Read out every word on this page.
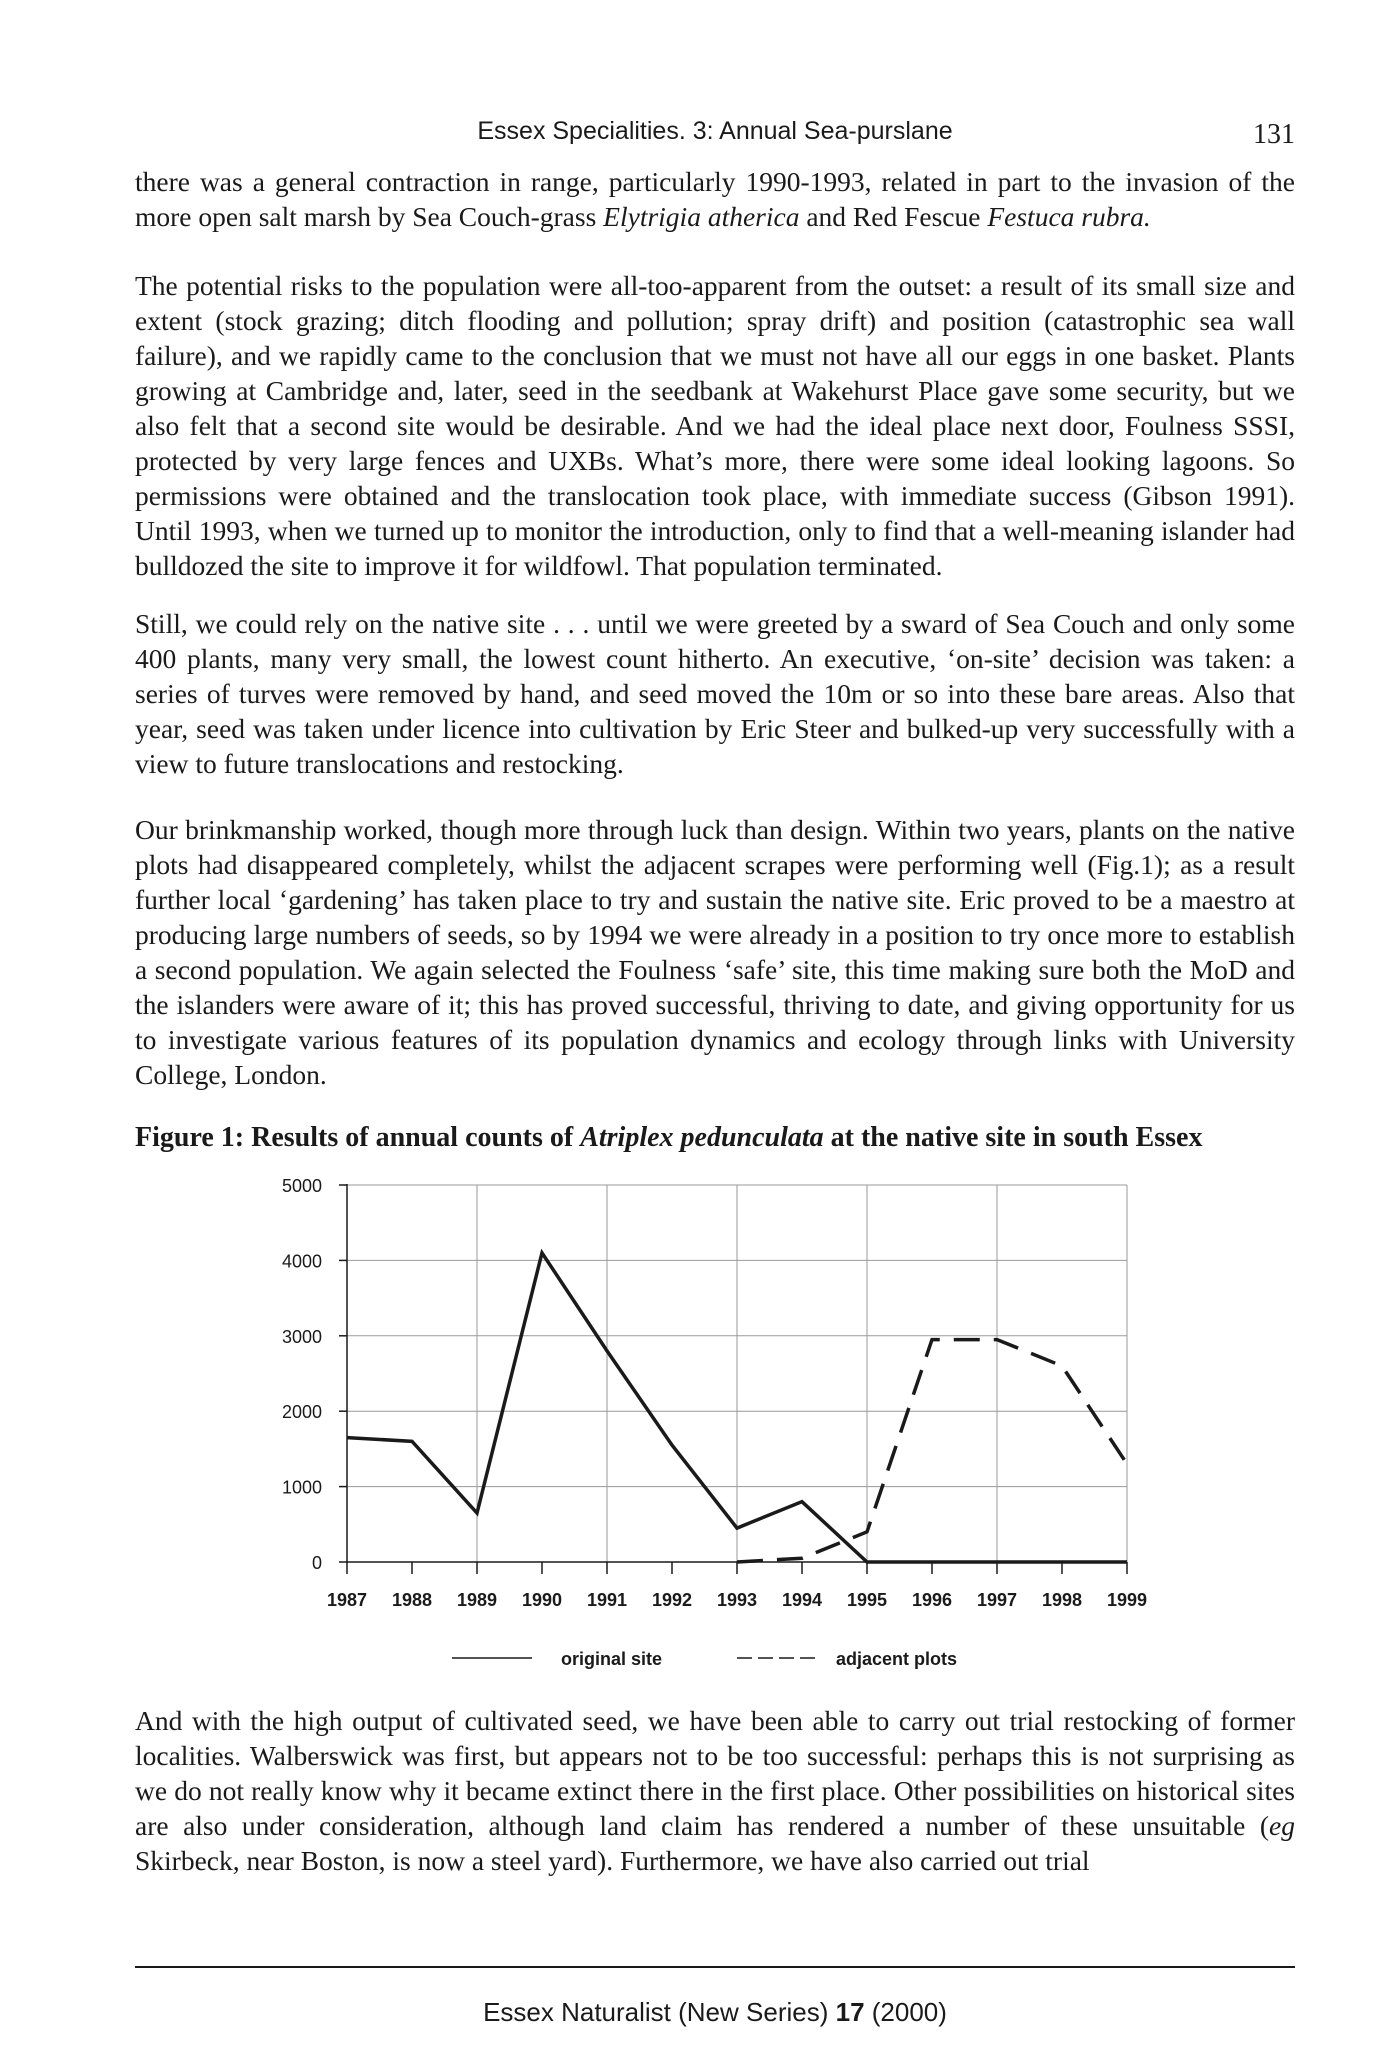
Essex Specialities. 3: Annual Sea-purslane	131

there was a general contraction in range, particularly 1990-1993, related in part to the invasion of the more open salt marsh by Sea Couch-grass Elytrigia atherica and Red Fescue Festuca rubra.

The potential risks to the population were all-too-apparent from the outset: a result of its small size and extent (stock grazing; ditch flooding and pollution; spray drift) and position (catastrophic sea wall failure), and we rapidly came to the conclusion that we must not have all our eggs in one basket. Plants growing at Cambridge and, later, seed in the seedbank at Wakehurst Place gave some security, but we also felt that a second site would be desirable. And we had the ideal place next door, Foulness SSSI, protected by very large fences and UXBs. What’s more, there were some ideal looking lagoons. So permissions were obtained and the translocation took place, with immediate success (Gibson 1991). Until 1993, when we turned up to monitor the introduction, only to find that a well-meaning islander had bulldozed the site to improve it for wildfowl. That population terminated.

Still, we could rely on the native site . . . until we were greeted by a sward of Sea Couch and only some 400 plants, many very small, the lowest count hitherto. An executive, ‘on-site’ decision was taken: a series of turves were removed by hand, and seed moved the 10m or so into these bare areas. Also that year, seed was taken under licence into cultivation by Eric Steer and bulked-up very successfully with a view to future translocations and restocking.

Our brinkmanship worked, though more through luck than design. Within two years, plants on the native plots had disappeared completely, whilst the adjacent scrapes were performing well (Fig.1); as a result further local ‘gardening’ has taken place to try and sustain the native site. Eric proved to be a maestro at producing large numbers of seeds, so by 1994 we were already in a position to try once more to establish a second population. We again selected the Foulness ‘safe’ site, this time making sure both the MoD and the islanders were aware of it; this has proved successful, thriving to date, and giving opportunity for us to investigate various features of its population dynamics and ecology through links with University College, London.

Figure 1: Results of annual counts of Atriplex pedunculata at the native site in south Essex

0
1000
2000
3000
4000
5000
1987 1988 1989 1990 1991 1992 1993 1994 1995 1996 1997 1998 1999
original site	adjacent plots

And with the high output of cultivated seed, we have been able to carry out trial restocking of former localities. Walberswick was first, but appears not to be too successful: perhaps this is not surprising as we do not really know why it became extinct there in the first place. Other possibilities on historical sites are also under consideration, although land claim has rendered a number of these unsuitable (eg Skirbeck, near Boston, is now a steel yard). Furthermore, we have also carried out trial

Essex Naturalist (New Series) 17 (2000)
